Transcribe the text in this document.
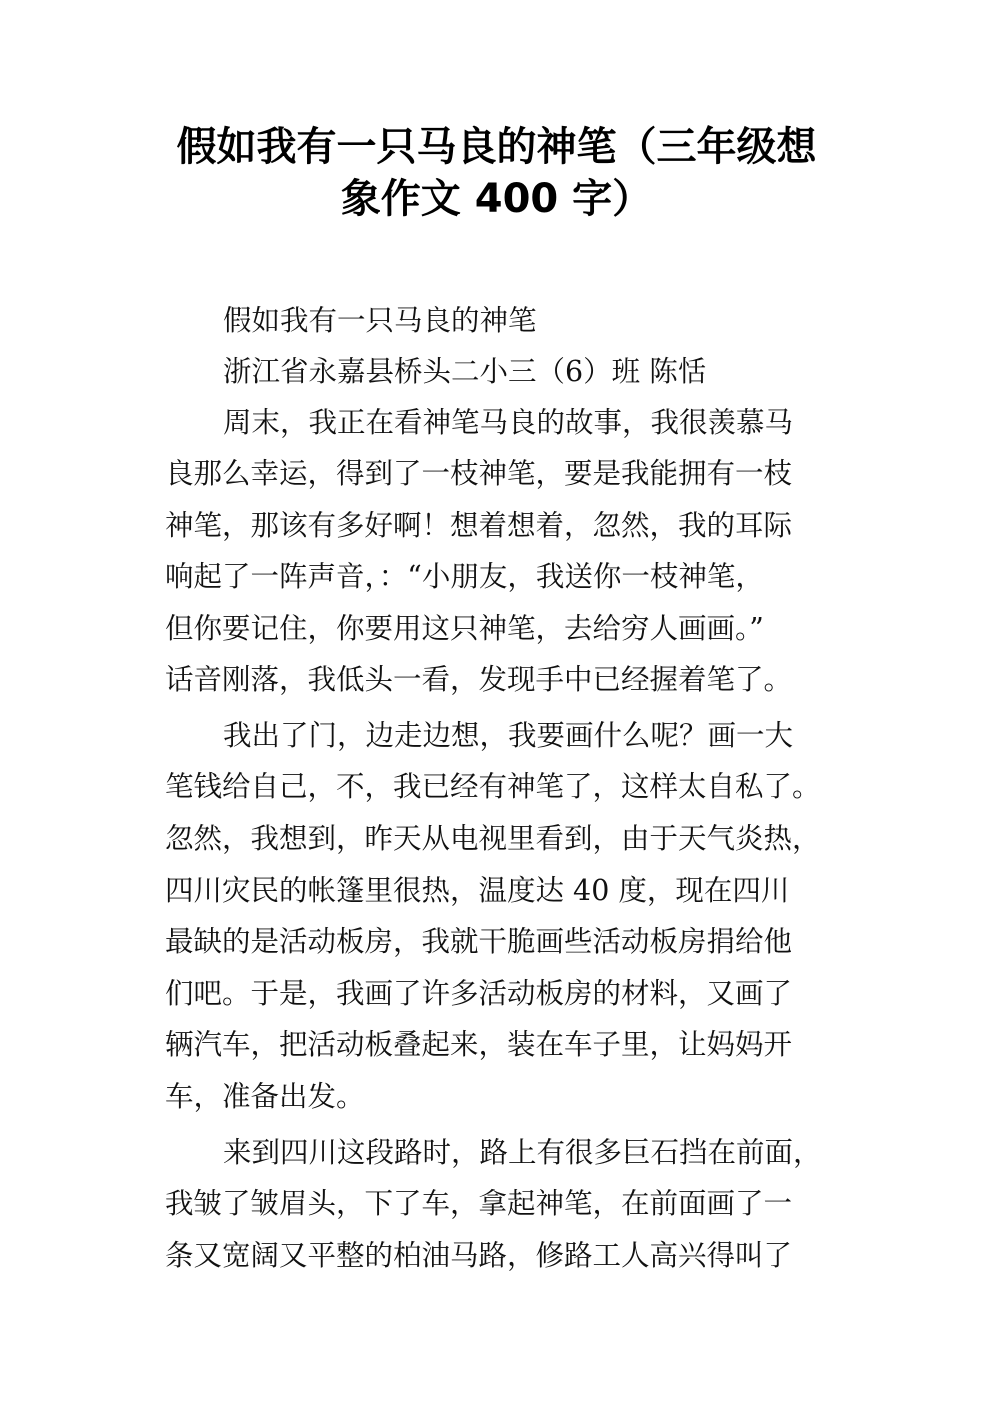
假如我有一只马良的神笔（三年级想
象作文 400 字）
假如我有一只马良的神笔
浙江省永嘉县桥头二小三（6）班 陈恬
周末，我正在看神笔马良的故事，我很羡慕马
良那么幸运，得到了一枝神笔，要是我能拥有一枝
神笔，那该有多好啊！想着想着，忽然，我的耳际
响起了一阵声音，：“小朋友，我送你一枝神笔，
但你要记住，你要用这只神笔，去给穷人画画。”
话音刚落，我低头一看，发现手中已经握着笔了。
我出了门，边走边想，我要画什么呢？画一大
笔钱给自己，不，我已经有神笔了，这样太自私了。
忽然，我想到，昨天从电视里看到，由于天气炎热，
四川灾民的帐篷里很热，温度达 40 度，现在四川
最缺的是活动板房，我就干脆画些活动板房捐给他
们吧。于是，我画了许多活动板房的材料，又画了
辆汽车，把活动板叠起来，装在车子里，让妈妈开
车，准备出发。
来到四川这段路时，路上有很多巨石挡在前面，
我皱了皱眉头，下了车，拿起神笔，在前面画了一
条又宽阔又平整的柏油马路，修路工人高兴得叫了
